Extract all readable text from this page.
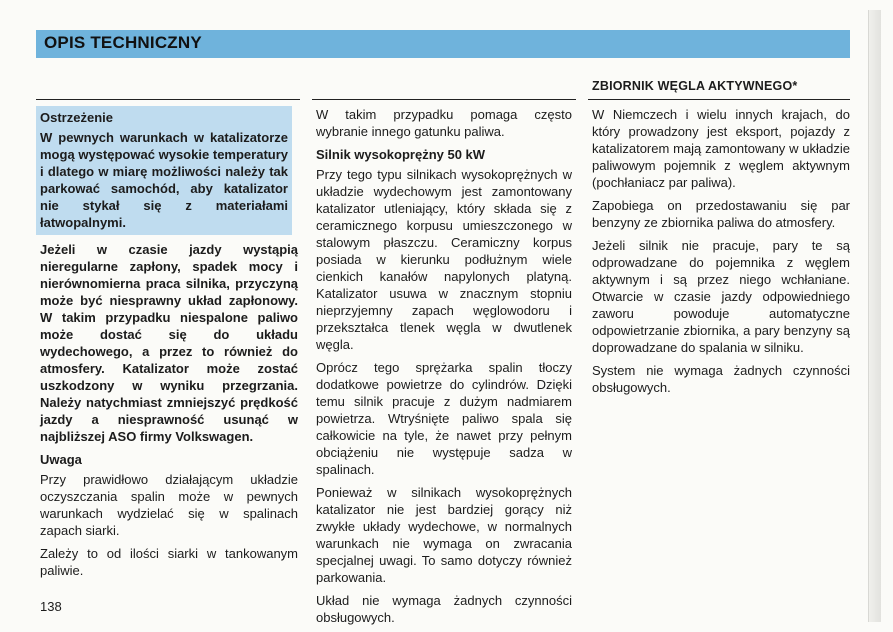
OPIS TECHNICZNY
ZBIORNIK WĘGLA AKTYWNEGO*
Ostrzeżenie

W pewnych warunkach w katalizatorze mogą występować wysokie temperatury i dlatego w miarę możliwości należy tak parkować samochód, aby katalizator nie stykał się z materiałami łatwopalnymi.

Jeżeli w czasie jazdy wystąpią nieregularne zapłony, spadek mocy i nierównomierna praca silnika, przyczyną może być niesprawny układ zapłonowy. W takim przypadku niespalone paliwo może dostać się do układu wydechowego, a przez to również do atmosfery. Katalizator może zostać uszkodzony w wyniku przegrzania. Należy natychmiast zmniejszyć prędkość jazdy a niesprawność usunąć w najbliższej ASO firmy Volkswagen.

Uwaga

Przy prawidłowo działającym układzie oczyszczania spalin może w pewnych warunkach wydzielać się w spalinach zapach siarki.

Zależy to od ilości siarki w tankowanym paliwie.

W takim przypadku pomaga często wybranie innego gatunku paliwa.

Silnik wysokoprężny 50 kW

Przy tego typu silnikach wysokoprężnych w układzie wydechowym jest zamontowany katalizator utleniający, który składa się z ceramicznego korpusu umieszczonego w stalowym płaszczu. Ceramiczny korpus posiada w kierunku podłużnym wiele cienkich kanałów napylonych platyną. Katalizator usuwa w znacznym stopniu nieprzyjemny zapach węglowodoru i przekształca tlenek węgla w dwutlenek węgla.

Oprócz tego sprężarka spalin tłoczy dodatkowe powietrze do cylindrów. Dzięki temu silnik pracuje z dużym nadmiarem powietrza. Wtryśnięte paliwo spala się całkowicie na tyle, że nawet przy pełnym obciążeniu nie występuje sadza w spalinach.

Ponieważ w silnikach wysokoprężnych katalizator nie jest bardziej gorący niż zwykłe układy wydechowe, w normalnych warunkach nie wymaga on zwracania specjalnej uwagi. To samo dotyczy również parkowania.

Układ nie wymaga żadnych czynności obsługowych.

W Niemczech i wielu innych krajach, do który prowadzony jest eksport, pojazdy z katalizatorem mają zamontowany w układzie paliwowym pojemnik z węglem aktywnym (pochłaniacz par paliwa).

Zapobiega on przedostawaniu się par benzyny ze zbiornika paliwa do atmosfery.

Jeżeli silnik nie pracuje, pary te są odprowadzane do pojemnika z węglem aktywnym i są przez niego wchłaniane. Otwarcie w czasie jazdy odpowiedniego zaworu powoduje automatyczne odpowietrzanie zbiornika, a pary benzyny są doprowadzane do spalania w silniku.

System nie wymaga żadnych czynności obsługowych.

138
